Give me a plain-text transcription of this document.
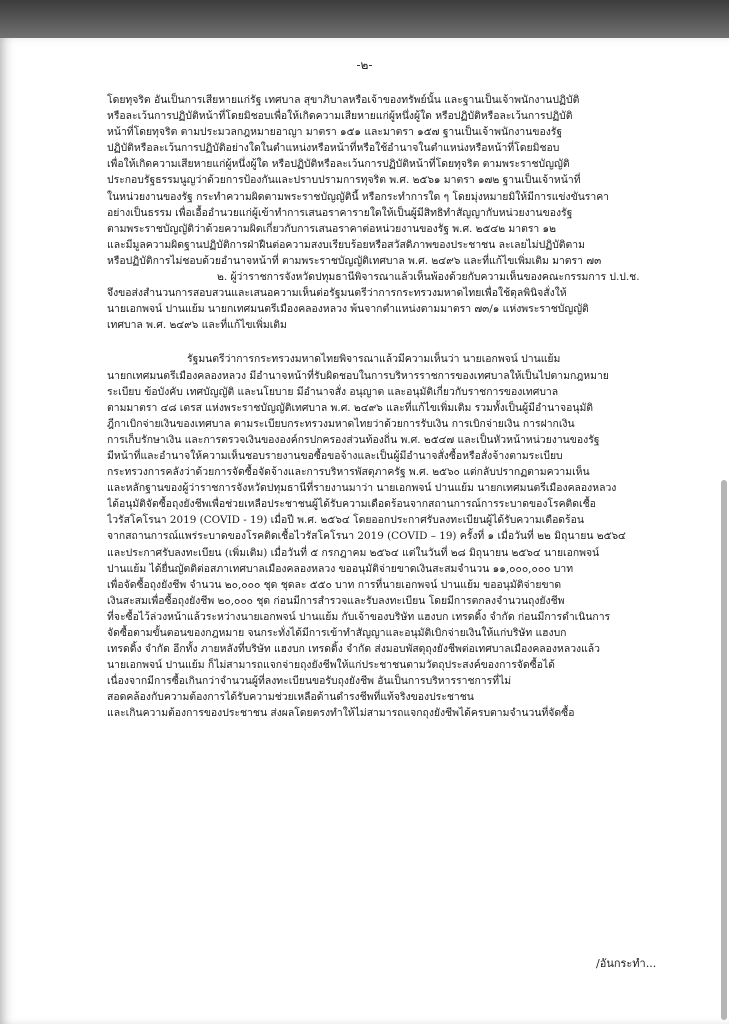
-๒-
โดยทุจริต อันเป็นการเสียหายแก่รัฐ เทศบาล สุขาภิบาลหรือเจ้าของทรัพย์นั้น และฐานเป็นเจ้าพนักงานปฏิบัติ
หรือละเว้นการปฏิบัติหน้าที่โดยมิชอบเพื่อให้เกิดความเสียหายแก่ผู้หนึ่งผู้ใด หรือปฏิบัติหรือละเว้นการปฏิบัติ
หน้าที่โดยทุจริต ตามประมวลกฎหมายอาญา มาตรา ๑๕๑ และมาตรา ๑๕๗ ฐานเป็นเจ้าพนักงานของรัฐ
ปฏิบัติหรือละเว้นการปฏิบัติอย่างใดในตำแหน่งหรือหน้าที่หรือใช้อำนาจในตำแหน่งหรือหน้าที่โดยมิชอบ
เพื่อให้เกิดความเสียหายแก่ผู้หนึ่งผู้ใด หรือปฏิบัติหรือละเว้นการปฏิบัติหน้าที่โดยทุจริต ตามพระราชบัญญัติ
ประกอบรัฐธรรมนูญว่าด้วยการป้องกันและปราบปรามการทุจริต พ.ศ. ๒๕๖๑ มาตรา ๑๗๒ ฐานเป็นเจ้าหน้าที่
ในหน่วยงานของรัฐ กระทำความผิดตามพระราชบัญญัตินี้ หรือกระทำการใด ๆ โดยมุ่งหมายมิให้มีการแข่งขันราคา
อย่างเป็นธรรม เพื่อเอื้ออำนวยแก่ผู้เข้าทำการเสนอราคารายใดให้เป็นผู้มีสิทธิทำสัญญากับหน่วยงานของรัฐ
ตามพระราชบัญญัติว่าด้วยความผิดเกี่ยวกับการเสนอราคาต่อหน่วยงานของรัฐ พ.ศ. ๒๕๔๒ มาตรา ๑๒
และมีมูลความผิดฐานปฏิบัติการฝ่าฝืนต่อความสงบเรียบร้อยหรือสวัสดิภาพของประชาชน ละเลยไม่ปฏิบัติตาม
หรือปฏิบัติการไม่ชอบด้วยอำนาจหน้าที่ ตามพระราชบัญญัติเทศบาล พ.ศ. ๒๔๙๖ และที่แก้ไขเพิ่มเติม มาตรา ๗๓
๒. ผู้ว่าราชการจังหวัดปทุมธานีพิจารณาแล้วเห็นพ้องด้วยกับความเห็นของคณะกรรมการ ป.ป.ช.
จึงขอส่งสำนวนการสอบสวนและเสนอความเห็นต่อรัฐมนตรีว่าการกระทรวงมหาดไทยเพื่อใช้ดุลพินิจสั่งให้
นายเอกพจน์ ปานแย้ม นายกเทศมนตรีเมืองคลองหลวง พ้นจากตำแหน่งตามมาตรา ๗๓/๑ แห่งพระราชบัญญัติ
เทศบาล พ.ศ. ๒๔๙๖ และที่แก้ไขเพิ่มเติม
รัฐมนตรีว่าการกระทรวงมหาดไทยพิจารณาแล้วมีความเห็นว่า นายเอกพจน์ ปานแย้ม
นายกเทศมนตรีเมืองคลองหลวง มีอำนาจหน้าที่รับผิดชอบในการบริหารราชการของเทศบาลให้เป็นไปตามกฎหมาย
ระเบียบ ข้อบังคับ เทศบัญญัติ และนโยบาย มีอำนาจสั่ง อนุญาต และอนุมัติเกี่ยวกับราชการของเทศบาล
ตามมาตรา ๔๘ เตรส แห่งพระราชบัญญัติเทศบาล พ.ศ. ๒๔๙๖ และที่แก้ไขเพิ่มเติม รวมทั้งเป็นผู้มีอำนาจอนุมัติ
ฎีกาเบิกจ่ายเงินของเทศบาล ตามระเบียบกระทรวงมหาดไทยว่าด้วยการรับเงิน การเบิกจ่ายเงิน การฝากเงิน
การเก็บรักษาเงิน และการตรวจเงินขององค์กรปกครองส่วนท้องถิ่น พ.ศ. ๒๕๔๗ และเป็นหัวหน้าหน่วยงานของรัฐ
มีหน้าที่และอำนาจให้ความเห็นชอบรายงานขอซื้อขอจ้างและเป็นผู้มีอำนาจสั่งซื้อหรือสั่งจ้างตามระเบียบ
กระทรวงการคลังว่าด้วยการจัดซื้อจัดจ้างและการบริหารพัสดุภาครัฐ พ.ศ. ๒๕๖๐ แต่กลับปรากฏตามความเห็น
และหลักฐานของผู้ว่าราชการจังหวัดปทุมธานีที่รายงานมาว่า นายเอกพจน์ ปานแย้ม นายกเทศมนตรีเมืองคลองหลวง
ได้อนุมัติจัดซื้อถุงยังชีพเพื่อช่วยเหลือประชาชนผู้ได้รับความเดือดร้อนจากสถานการณ์การระบาดของโรคติดเชื้อ
ไวรัสโคโรนา 2019 (COVID - 19) เมื่อปี พ.ศ. ๒๕๖๔ โดยออกประกาศรับลงทะเบียนผู้ได้รับความเดือดร้อน
จากสถานการณ์แพร่ระบาดของโรคติดเชื้อไวรัสโคโรนา 2019 (COVID – 19) ครั้งที่ ๑ เมื่อวันที่ ๒๒ มิถุนายน ๒๕๖๔
และประกาศรับลงทะเบียน (เพิ่มเติม) เมื่อวันที่ ๕ กรกฎาคม ๒๕๖๔ แต่ในวันที่ ๒๘ มิถุนายน ๒๕๖๔ นายเอกพจน์
ปานแย้ม ได้ยื่นญัตติต่อสภาเทศบาลเมืองคลองหลวง ขออนุมัติจ่ายขาดเงินสะสมจำนวน ๑๑,๐๐๐,๐๐๐ บาท
เพื่อจัดซื้อถุงยังชีพ จำนวน ๒๐,๐๐๐ ชุด ชุดละ ๕๕๐ บาท การที่นายเอกพจน์ ปานแย้ม ขออนุมัติจ่ายขาด
เงินสะสมเพื่อซื้อถุงยังชีพ ๒๐,๐๐๐ ชุด ก่อนมีการสำรวจและรับลงทะเบียน โดยมีการตกลงจำนวนถุงยังชีพ
ที่จะซื้อไว้ล่วงหน้าแล้วระหว่างนายเอกพจน์ ปานแย้ม กับเจ้าของบริษัท แฮงบก เทรดดิ้ง จำกัด ก่อนมีการดำเนินการ
จัดซื้อตามขั้นตอนของกฎหมาย จนกระทั่งได้มีการเข้าทำสัญญาและอนุมัติเบิกจ่ายเงินให้แก่บริษัท แฮงบก
เทรดดิ้ง จำกัด อีกทั้ง ภายหลังที่บริษัท แฮงบก เทรดดิ้ง จำกัด ส่งมอบพัสดุถุงยังชีพต่อเทศบาลเมืองคลองหลวงแล้ว
นายเอกพจน์ ปานแย้ม ก็ไม่สามารถแจกจ่ายถุงยังชีพให้แก่ประชาชนตามวัตถุประสงค์ของการจัดซื้อได้
เนื่องจากมีการซื้อเกินกว่าจำนวนผู้ที่ลงทะเบียนขอรับถุงยังชีพ อันเป็นการบริหารราชการที่ไม่
สอดคล้องกับความต้องการได้รับความช่วยเหลือด้านดำรงชีพที่แท้จริงของประชาชน
และเกินความต้องการของประชาชน ส่งผลโดยตรงทำให้ไม่สามารถแจกถุงยังชีพได้ครบตามจำนวนที่จัดซื้อ
/อันกระทำ...
